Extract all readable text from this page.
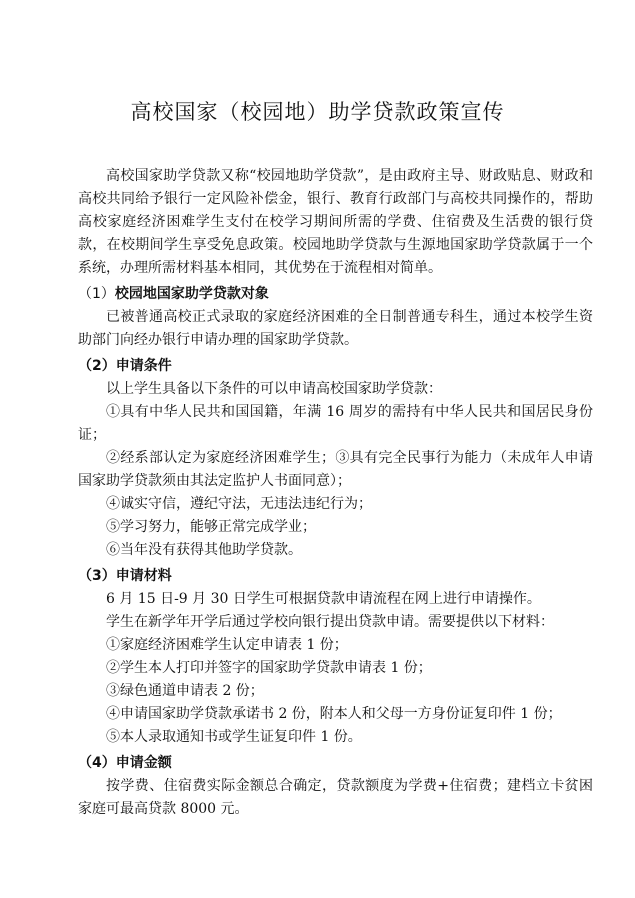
高校国家（校园地）助学贷款政策宣传

高校国家助学贷款又称“校园地助学贷款”，是由政府主导、财政贴息、财政和高校共同给予银行一定风险补偿金，银行、教育行政部门与高校共同操作的，帮助高校家庭经济困难学生支付在校学习期间所需的学费、住宿费及生活费的银行贷款，在校期间学生享受免息政策。校园地助学贷款与生源地国家助学贷款属于一个系统，办理所需材料基本相同，其优势在于流程相对简单。

（1）校园地国家助学贷款对象

已被普通高校正式录取的家庭经济困难的全日制普通专科生，通过本校学生资助部门向经办银行申请办理的国家助学贷款。

（2）申请条件

以上学生具备以下条件的可以申请高校国家助学贷款：

①具有中华人民共和国国籍，年满 16 周岁的需持有中华人民共和国居民身份证；

②经系部认定为家庭经济困难学生；③具有完全民事行为能力（未成年人申请国家助学贷款须由其法定监护人书面同意）；

④诚实守信，遵纪守法，无违法违纪行为；

⑤学习努力，能够正常完成学业；

⑥当年没有获得其他助学贷款。

（3）申请材料

6 月 15 日-9 月 30 日学生可根据贷款申请流程在网上进行申请操作。

学生在新学年开学后通过学校向银行提出贷款申请。需要提供以下材料：

①家庭经济困难学生认定申请表 1 份；

②学生本人打印并签字的国家助学贷款申请表 1 份；

③绿色通道申请表 2 份；

④申请国家助学贷款承诺书 2 份，附本人和父母一方身份证复印件 1 份；

⑤本人录取通知书或学生证复印件 1 份。

（4）申请金额

按学费、住宿费实际金额总合确定，贷款额度为学费+住宿费；建档立卡贫困家庭可最高贷款 8000 元。
